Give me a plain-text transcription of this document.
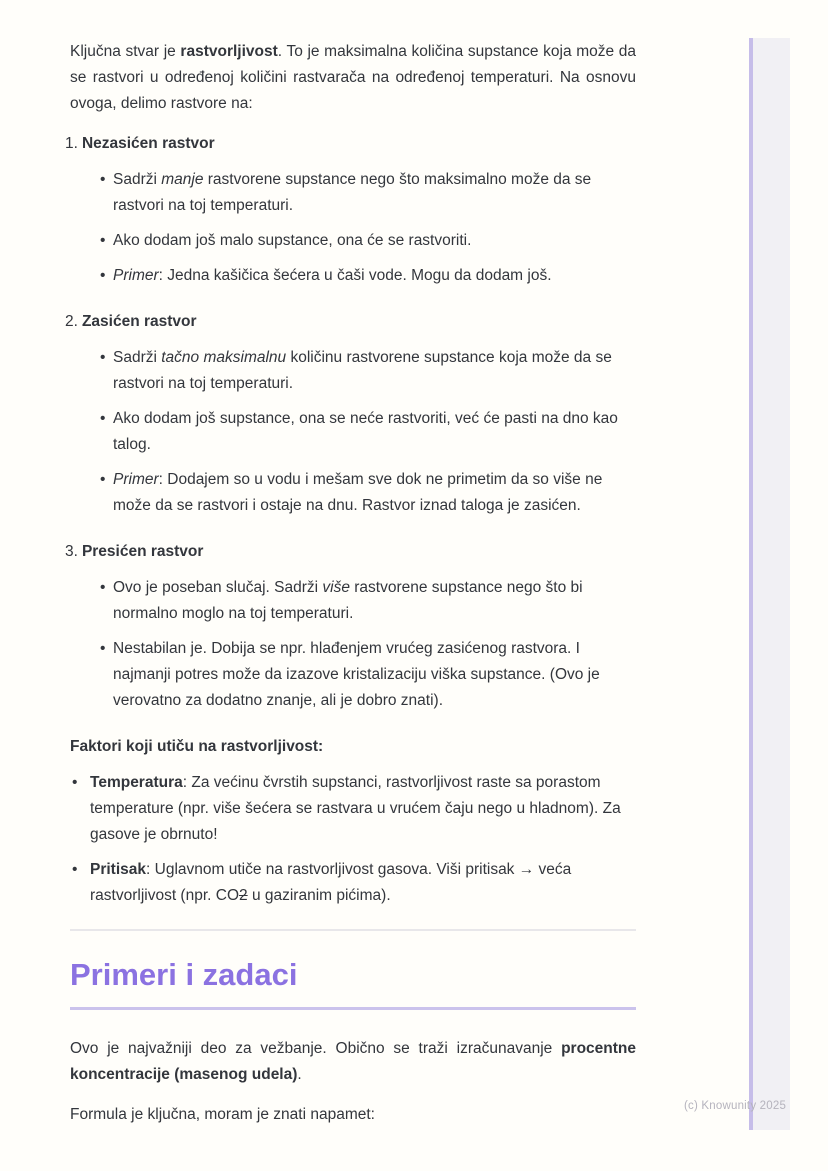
Ključna stvar je rastvorljivost. To je maksimalna količina supstance koja može da se rastvori u određenoj količini rastvarača na određenoj temperaturi. Na osnovu ovoga, delimo rastvore na:

1. Nezasićen rastvor
• Sadrži manje rastvorene supstance nego što maksimalno može da se rastvori na toj temperaturi.
• Ako dodam još malo supstance, ona će se rastvoriti.
• Primer: Jedna kašičica šećera u čaši vode. Mogu da dodam još.
2. Zasićen rastvor
• Sadrži tačno maksimalnu količinu rastvorene supstance koja može da se rastvori na toj temperaturi.
• Ako dodam još supstance, ona se neće rastvoriti, već će pasti na dno kao talog.
• Primer: Dodajem so u vodu i mešam sve dok ne primetim da so više ne može da se rastvori i ostaje na dnu. Rastvor iznad taloga je zasićen.
3. Presićen rastvor
• Ovo je poseban slučaj. Sadrži više rastvorene supstance nego što bi normalno moglo na toj temperaturi.
• Nestabilan je. Dobija se npr. hlađenjem vrućeg zasićenog rastvora. I najmanji potres može da izazove kristalizaciju viška supstance. (Ovo je verovatno za dodatno znanje, ali je dobro znati).

Faktori koji utiču na rastvorljivost:

• Temperatura: Za većinu čvrstih supstanci, rastvorljivost raste sa porastom temperature (npr. više šećera se rastvara u vrućem čaju nego u hladnom). Za gasove je obrnuto!
• Pritisak: Uglavnom utiče na rastvorljivost gasova. Viši pritisak → veća rastvorljivost (npr. CO2 u gaziranim pićima).
Primeri i zadaci

Ovo je najvažniji deo za vežbanje. Obično se traži izračunavanje procentne koncentracije (masenog udela).

Formula je ključna, moram je znati napamet:	(c) Knowunity 2025
